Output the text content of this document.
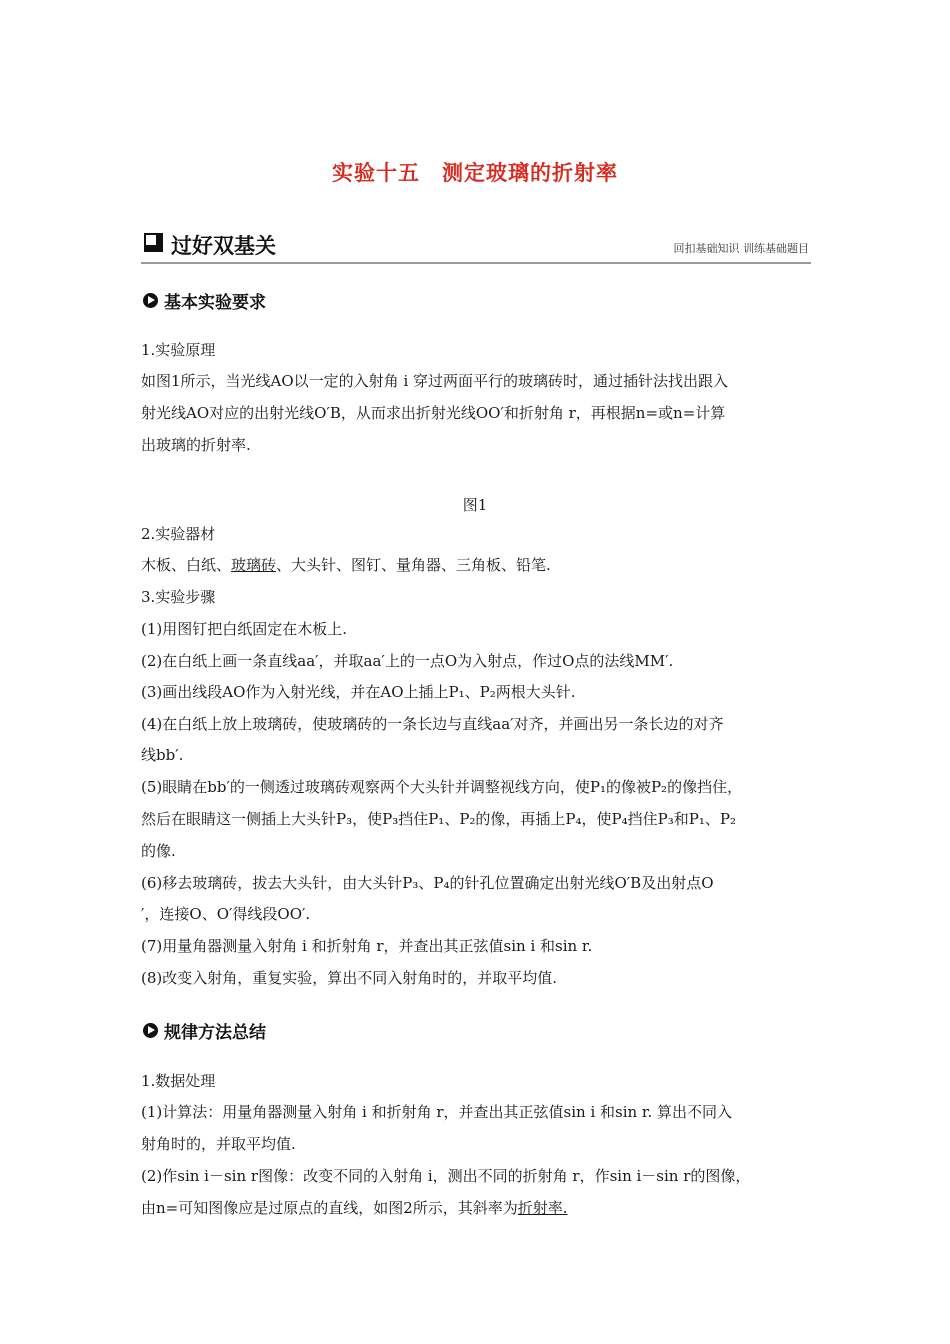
实验十五　测定玻璃的折射率
过好双基关	回扣基础知识 训练基础题目
基本实验要求
1.实验原理
如图1所示，当光线AO以一定的入射角 i 穿过两面平行的玻璃砖时，通过插针法找出跟入
射光线AO对应的出射光线O′B，从而求出折射光线OO′和折射角 r，再根据n=或n=计算
出玻璃的折射率.
图1
2.实验器材
木板、白纸、玻璃砖、大头针、图钉、量角器、三角板、铅笔.
3.实验步骤
(1)用图钉把白纸固定在木板上.
(2)在白纸上画一条直线aa′，并取aa′上的一点O为入射点，作过O点的法线MM′.
(3)画出线段AO作为入射光线，并在AO上插上P₁、P₂两根大头针.
(4)在白纸上放上玻璃砖，使玻璃砖的一条长边与直线aa′对齐，并画出另一条长边的对齐
线bb′.
(5)眼睛在bb′的一侧透过玻璃砖观察两个大头针并调整视线方向，使P₁的像被P₂的像挡住，
然后在眼睛这一侧插上大头针P₃，使P₃挡住P₁、P₂的像，再插上P₄，使P₄挡住P₃和P₁、P₂
的像.
(6)移去玻璃砖，拔去大头针，由大头针P₃、P₄的针孔位置确定出射光线O′B及出射点O
′，连接O、O′得线段OO′.
(7)用量角器测量入射角 i 和折射角 r，并查出其正弦值sin i 和sin r.
(8)改变入射角，重复实验，算出不同入射角时的，并取平均值.
规律方法总结
1.数据处理
(1)计算法：用量角器测量入射角 i 和折射角 r，并查出其正弦值sin i 和sin r. 算出不同入
射角时的，并取平均值.
(2)作sin i－sin r图像：改变不同的入射角 i，测出不同的折射角 r，作sin i－sin r的图像，
由n=可知图像应是过原点的直线，如图2所示，其斜率为折射率.
